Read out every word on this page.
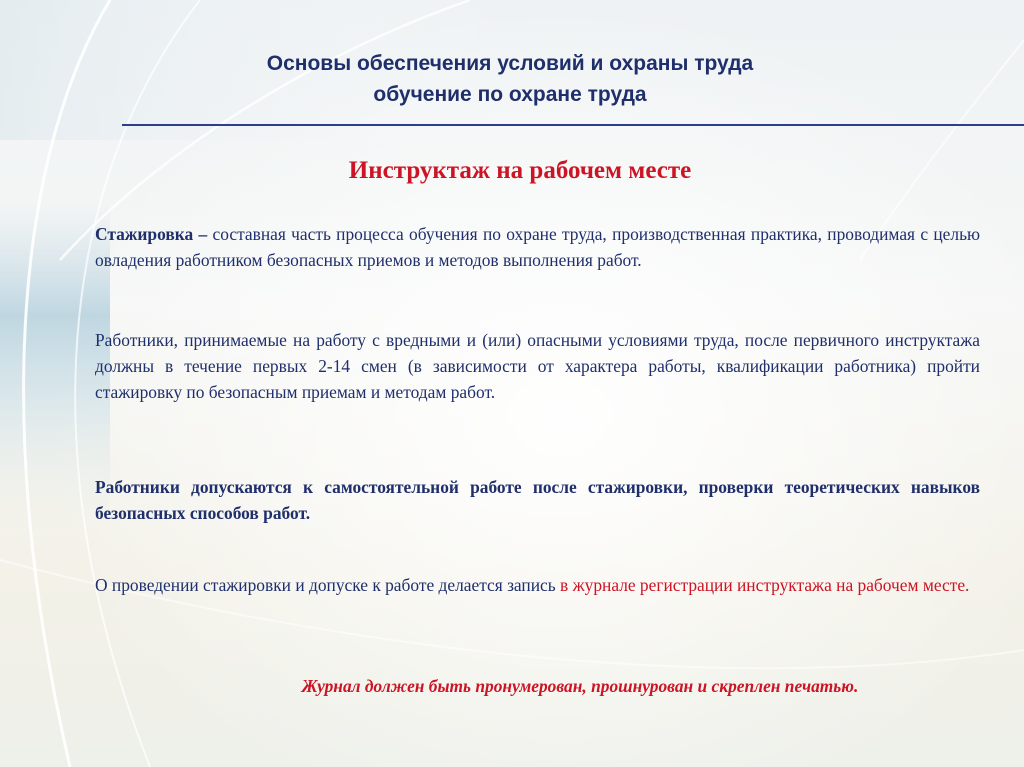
Основы обеспечения условий и охраны труда
обучение по охране труда
Инструктаж на рабочем месте
Стажировка – составная часть процесса обучения по охране труда, производственная практика, проводимая с целью овладения работником безопасных приемов и методов выполнения работ.
Работники, принимаемые на работу с вредными и (или) опасными условиями труда, после первичного инструктажа должны в течение первых 2-14 смен (в зависимости от характера работы, квалификации работника) пройти стажировку по безопасным приемам и методам работ.
Работники допускаются к самостоятельной работе после стажировки, проверки теоретических навыков безопасных способов работ.
О проведении стажировки и допуске к работе делается запись в журнале регистрации инструктажа на рабочем месте.
Журнал должен быть пронумерован, прошнурован и скреплен печатью.
